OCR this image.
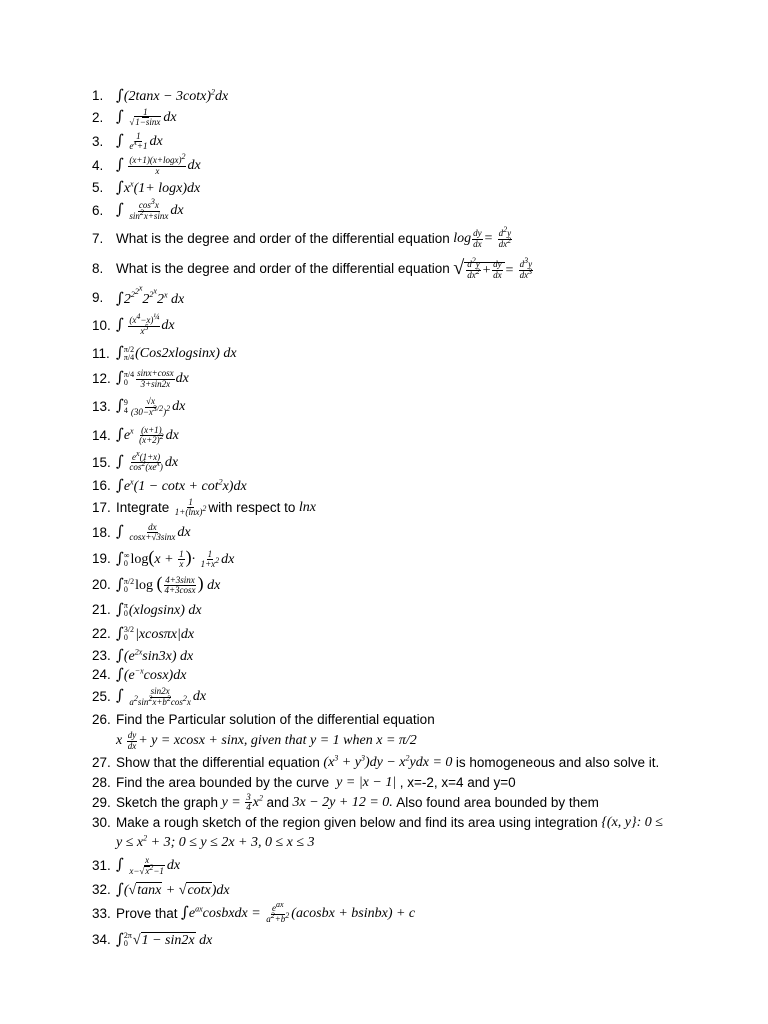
1. $\int(2\tan x - 3\cot x)^2dx$
2. ∫ $\frac{1}{√1-\sin x}$ dx
3. ∫ $\frac{1}{e^x+1}$ dx
4. ∫ $\frac{(x+1)(x+\log x)^2}{x}$ dx
5. $\int x^x(1+ \log x)dx$
6. ∫ $\frac{\cos^3x}{\sin^2x+\sin x}$ dx
7. What is the degree and order of the differential equation $\log \frac{dy}{dx} = \frac{d^2y}{dx^2}$
8. What is the degree and order of the differential equation √ $\frac{d^2y}{dx^2} + \frac{dy}{dx} = \frac{d^3y}{dx^3}$
9. $\int 2^{2^{2^x}}2^{2^x}2^x$ dx
10. ∫ $\frac{(x^4-x)^{\frac{1}{4}}}{x^5}$ dx
11. ∫ π/2
π/4 (Cos2xlogsinx) dx
12. ∫ π/4
$0 \frac{\sin x+\cos x}{3+\sin 2x}$ dx
13. ∫ 9
$4 \frac{√x}{(30-x^{3/2})^2}$ dx
14. $\int e^x \frac{(x+1)}{(x+2)^2}$ dx
15. ∫ $\frac{e^x(1+x)}{\cos^2(xe^x)}$ dx
16. $\int e^x(1 - \cot x + \cot^2x)dx$
17. Integrate
$\frac{1}{1+(\ln x)^2}$ with respect to lnx
18. ∫ $\frac{dx}{\cos x+√3\sin x}$ dx
19. ∫ ∞
0 $\log(x + \frac{1}{x}$ )· $\frac{1}{1+x^2}$ dx
20. ∫ π/2
0 log ( $\frac{4+3\sin x}{4+3\cos x}$ ) dx
21. ∫ π
0 (xlogsinx) dx
22. ∫ 3/2
0 |xcosπx|dx
23. $\int(e^{2x}\sin 3x)$ dx
24. $\int(e^{-x}\cos x)dx$
25. ∫ $\frac{\sin 2x}{a^2\sin^2x+b^2\cos^2x}$ dx
26. Find the Particular solution of the differential equation
x $\frac{dy}{dx} + y = xcosx + \sin x$, given that y = 1 when x = π/2
27. Show that the differential equation $(x^3 + y^3)dy - x^2ydx = 0$ is homogeneous and also solve it.
28. Find the area bounded by the curve y = |x − 1| , x=-2, x=4 and y=0
29. Sketch the graph $y = \frac{3}{4} x^2$ and 3x − 2y + 12 = 0. Also found area bounded by them
30. Make a rough sketch of the region given below and find its area using integration {(x, y}: 0 ≤
$y \le x^2 + 3$; 0 ≤ y ≤ 2x + 3, 0 ≤ x ≤ 3
31. ∫ $\frac{x}{x-√x^2-1}$ dx
32. ∫(√tanx + √cotx)dx
33. Prove that $\int e^{ax}cosbxdx = \frac{e^{ax}}{a^2+b^2}$ (acosbx + bsinbx) + c
34. ∫ 2π
0 √1 − sin2x dx
